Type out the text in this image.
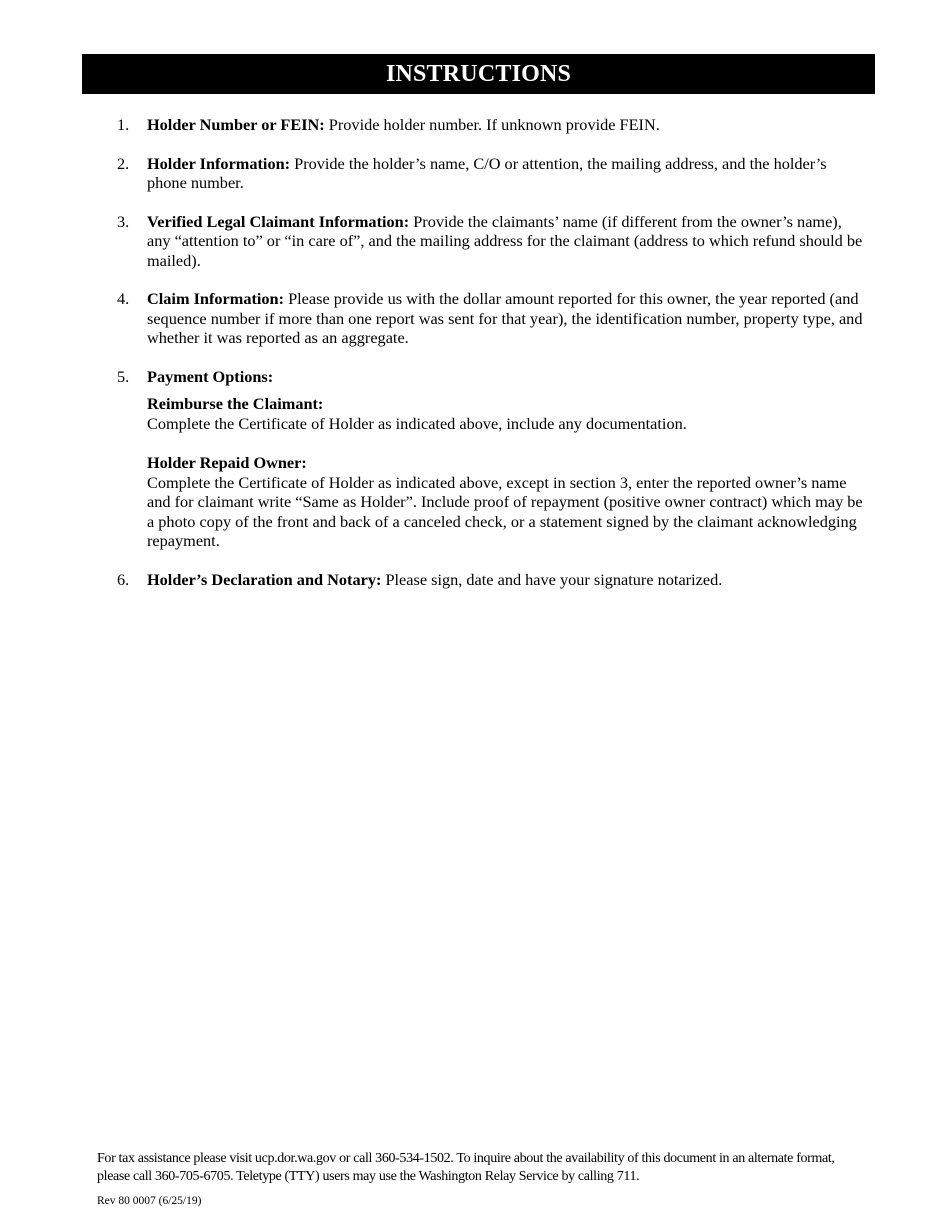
INSTRUCTIONS
1. Holder Number or FEIN: Provide holder number. If unknown provide FEIN.
2. Holder Information: Provide the holder’s name, C/O or attention, the mailing address, and the holder’s phone number.
3. Verified Legal Claimant Information: Provide the claimants’ name (if different from the owner’s name), any “attention to” or “in care of”, and the mailing address for the claimant (address to which refund should be mailed).
4. Claim Information: Please provide us with the dollar amount reported for this owner, the year reported (and sequence number if more than one report was sent for that year), the identification number, property type, and whether it was reported as an aggregate.
5. Payment Options:
Reimburse the Claimant:
Complete the Certificate of Holder as indicated above, include any documentation.
Holder Repaid Owner:
Complete the Certificate of Holder as indicated above, except in section 3, enter the reported owner’s name and for claimant write “Same as Holder”. Include proof of repayment (positive owner contract) which may be a photo copy of the front and back of a canceled check, or a statement signed by the claimant acknowledging repayment.
6. Holder’s Declaration and Notary: Please sign, date and have your signature notarized.
For tax assistance please visit ucp.dor.wa.gov or call 360-534-1502. To inquire about the availability of this document in an alternate format, please call 360-705-6705. Teletype (TTY) users may use the Washington Relay Service by calling 711.
Rev 80 0007 (6/25/19)
